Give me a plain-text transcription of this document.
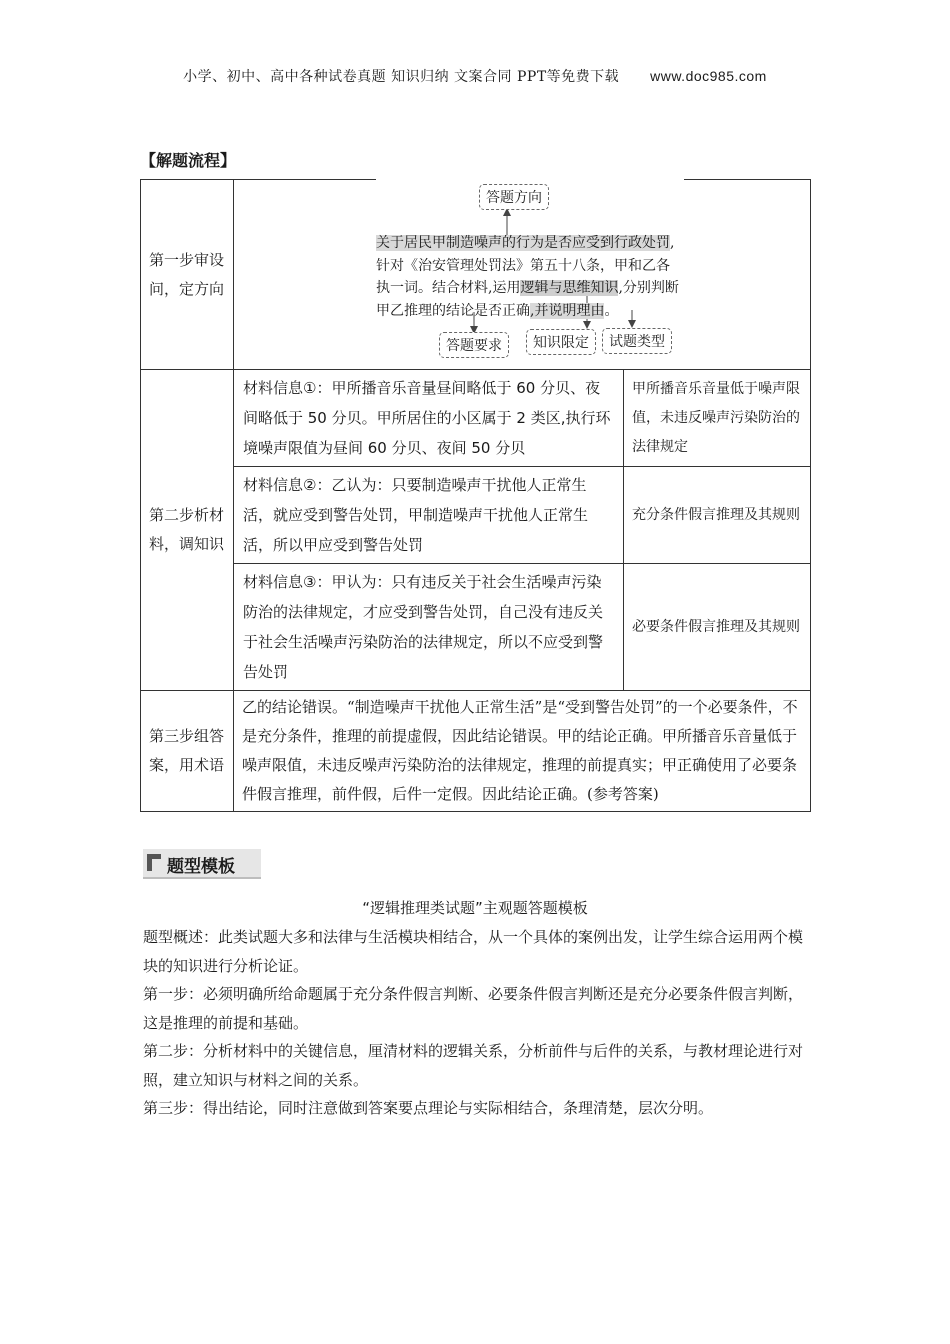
小学、初中、高中各种试卷真题 知识归纳 文案合同 PPT等免费下载 www.doc985.com
【解题流程】
第一步审设问，定方向	答题方向
关于居民甲制造噪声的行为是否应受到行政处罚,针对《治安管理处罚法》第五十八条，甲和乙各执一词。结合材料,运用逻辑与思维知识,分别判断甲乙推理的结论是否正确,并说明理由。
答题要求 知识限定 试题类型	

第二步析材料，调知识	材料信息①：甲所播音乐音量昼间略低于 60 分贝、夜间略低于 50 分贝。甲所居住的小区属于 2 类区,执行环境噪声限值为昼间 60 分贝、夜间 50 分贝	甲所播音乐音量低于噪声限值，未违反噪声污染防治的法律规定
	材料信息②：乙认为：只要制造噪声干扰他人正常生活，就应受到警告处罚，甲制造噪声干扰他人正常生活，所以甲应受到警告处罚	充分条件假言推理及其规则
	材料信息③：甲认为：只有违反关于社会生活噪声污染防治的法律规定，才应受到警告处罚，自己没有违反关于社会生活噪声污染防治的法律规定，所以不应受到警告处罚	必要条件假言推理及其规则
第三步组答案，用术语	乙的结论错误。“制造噪声干扰他人正常生活”是“受到警告处罚”的一个必要条件，不是充分条件，推理的前提虚假，因此结论错误。甲的结论正确。甲所播音乐音量低于噪声限值，未违反噪声污染防治的法律规定，推理的前提真实；甲正确使用了必要条件假言推理，前件假，后件一定假。因此结论正确。(参考答案)	
题型模板
“逻辑推理类试题”主观题答题模板

题型概述：此类试题大多和法律与生活模块相结合，从一个具体的案例出发，让学生综合运用两个模块的知识进行分析论证。

第一步：必须明确所给命题属于充分条件假言判断、必要条件假言判断还是充分必要条件假言判断，这是推理的前提和基础。

第二步：分析材料中的关键信息，厘清材料的逻辑关系，分析前件与后件的关系，与教材理论进行对照，建立知识与材料之间的关系。

第三步：得出结论，同时注意做到答案要点理论与实际相结合，条理清楚，层次分明。
